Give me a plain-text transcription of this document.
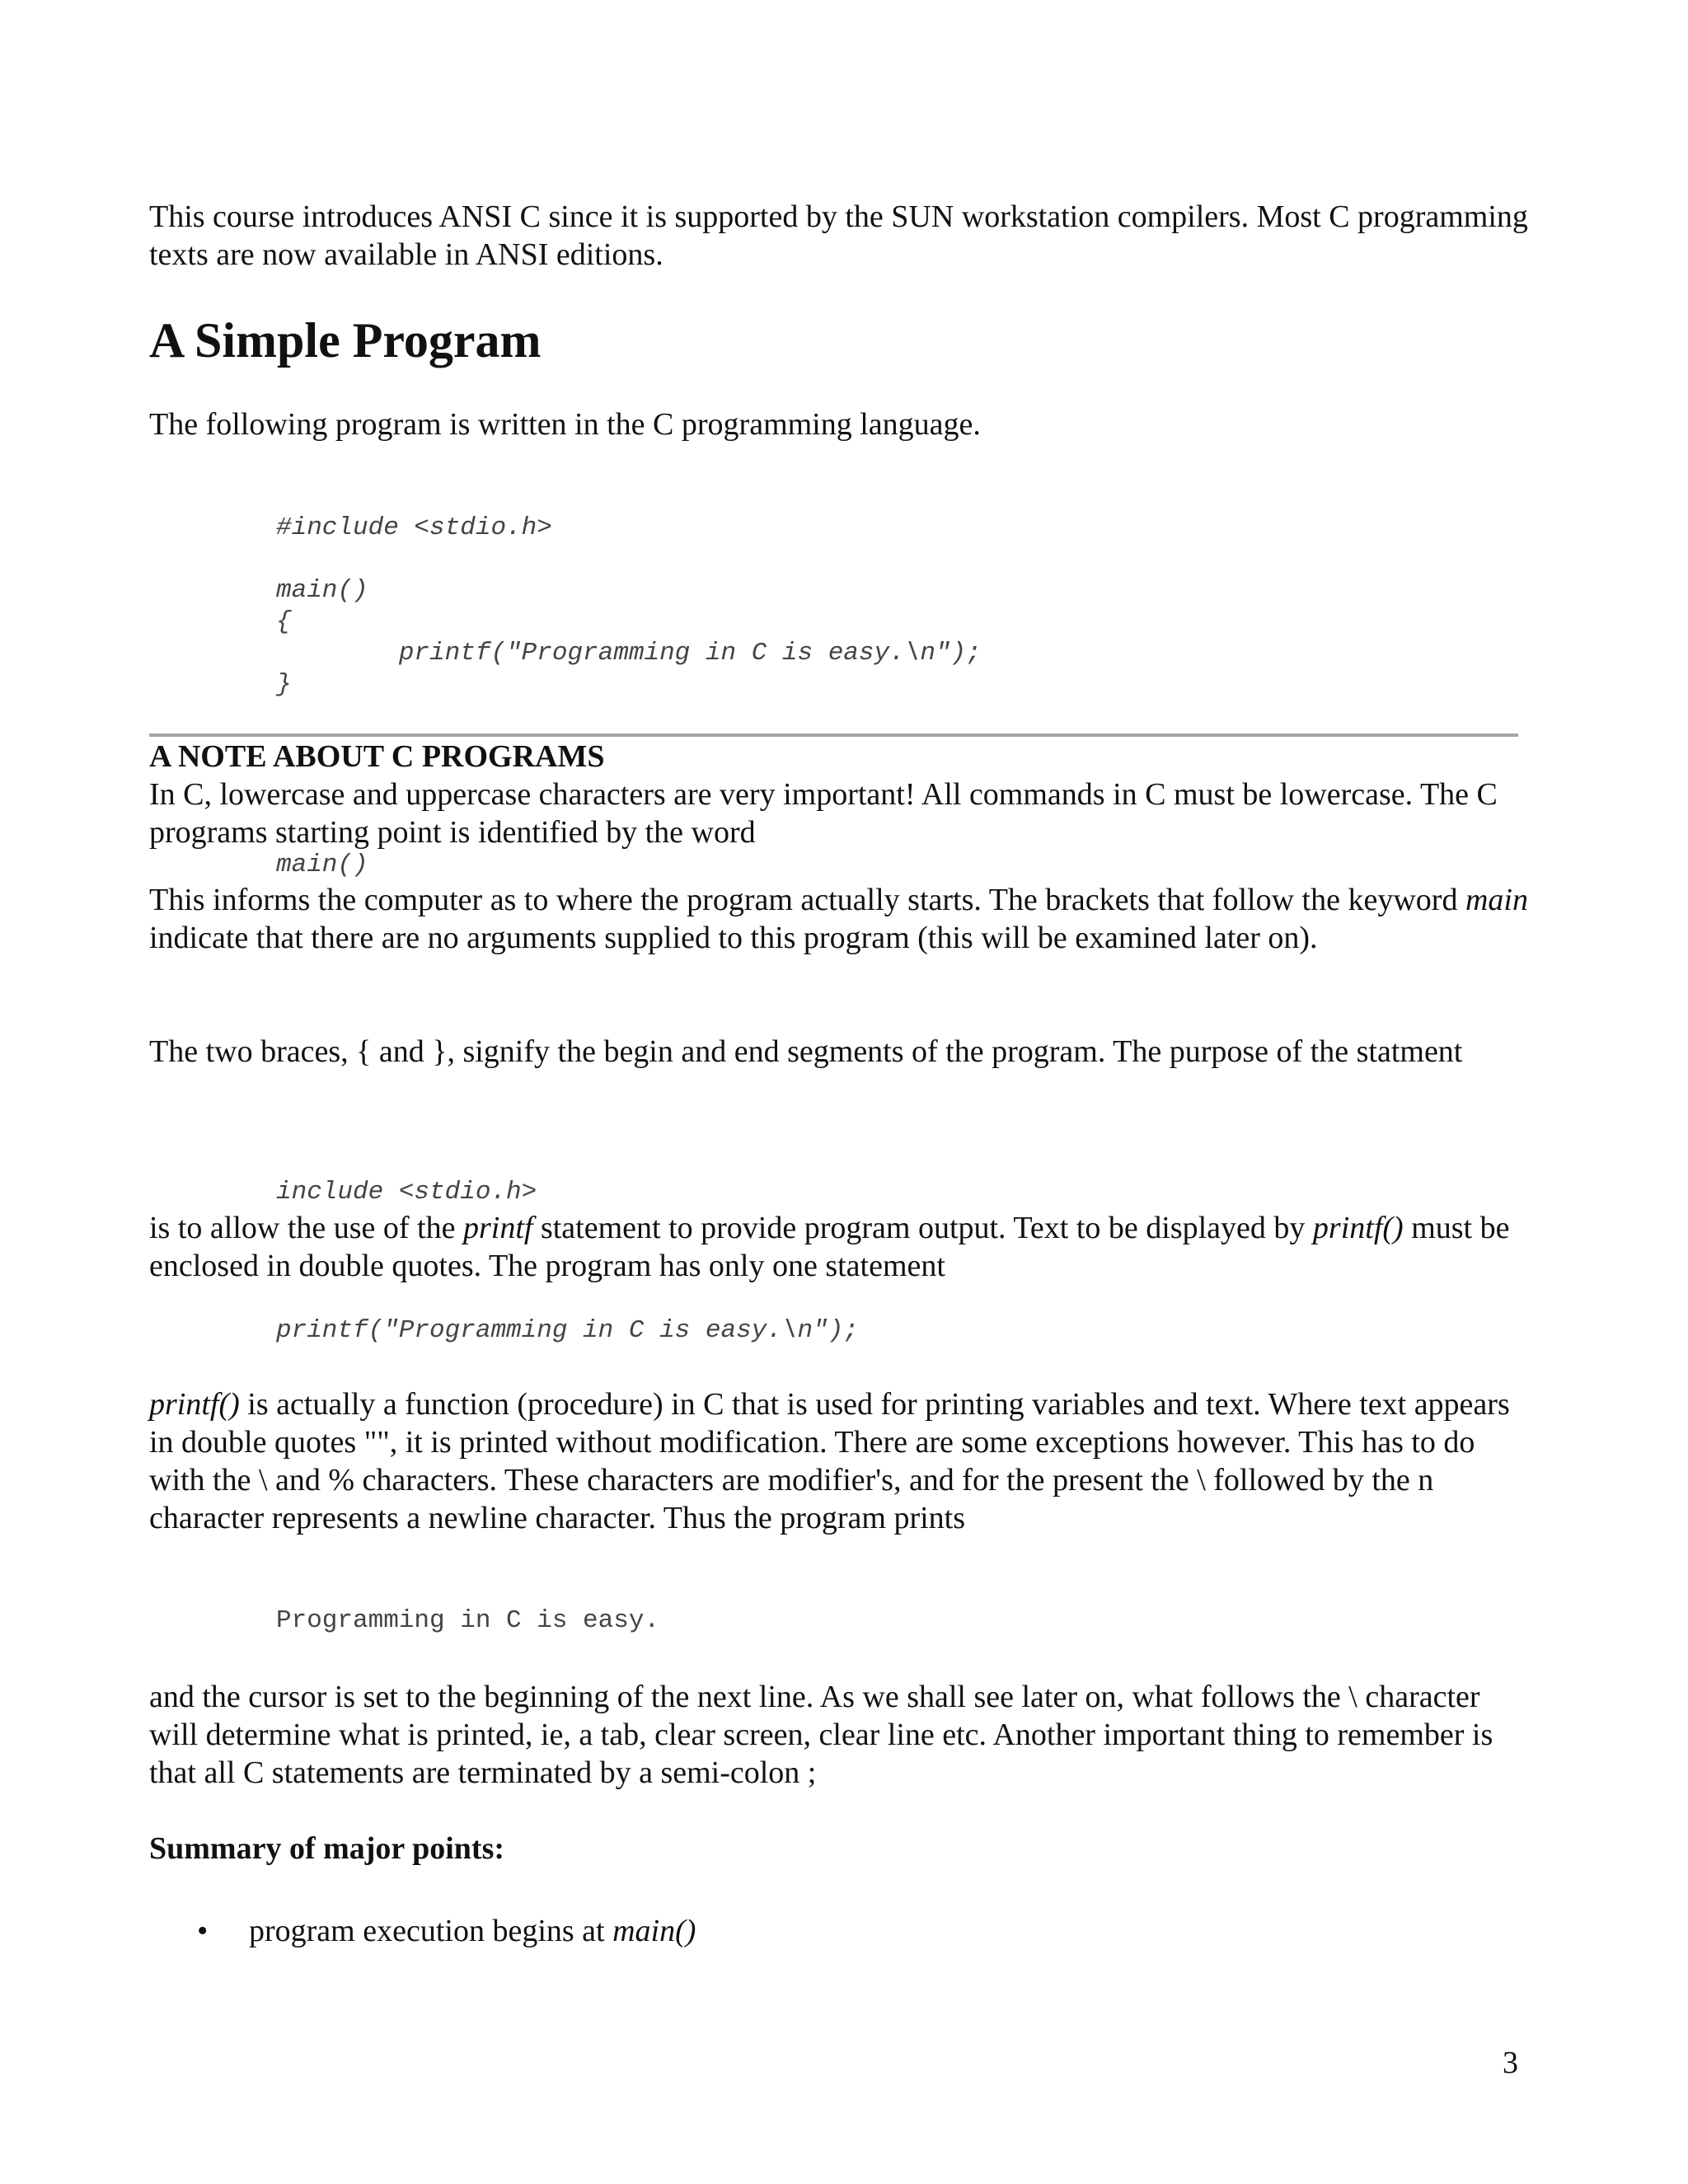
This course introduces ANSI C since it is supported by the SUN workstation compilers. Most C programming texts are now available in ANSI editions.

A Simple Program

The following program is written in the C programming language.

#include <stdio.h>

main()
{
printf("Programming in C is easy.\n");
}
A NOTE ABOUT C PROGRAMS

In C, lowercase and uppercase characters are very important! All commands in C must be lowercase. The C programs starting point is identified by the word

main()

This informs the computer as to where the program actually starts. The brackets that follow the keyword main indicate that there are no arguments supplied to this program (this will be examined later on).

The two braces, { and }, signify the begin and end segments of the program. The purpose of the statment

include <stdio.h>

is to allow the use of the printf statement to provide program output. Text to be displayed by printf() must be enclosed in double quotes. The program has only one statement

printf("Programming in C is easy.\n");

printf() is actually a function (procedure) in C that is used for printing variables and text. Where text appears in double quotes "", it is printed without modification. There are some exceptions however. This has to do with the \ and % characters. These characters are modifier's, and for the present the \ followed by the n character represents a newline character. Thus the program prints

Programming in C is easy.

and the cursor is set to the beginning of the next line. As we shall see later on, what follows the \ character will determine what is printed, ie, a tab, clear screen, clear line etc. Another important thing to remember is that all C statements are terminated by a semi-colon ;

Summary of major points:
• program execution begins at main()

3
